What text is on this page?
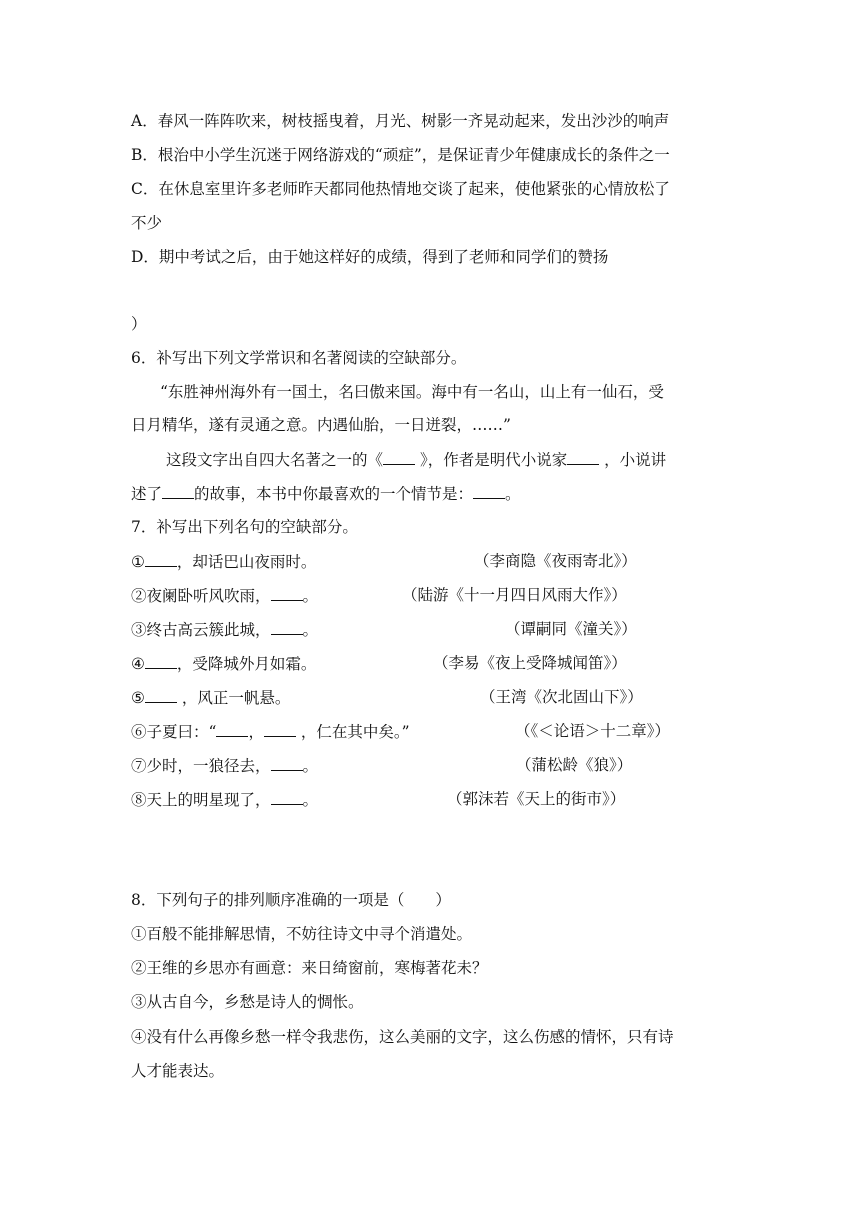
A．春风一阵阵吹来，树枝摇曳着，月光、树影一齐晃动起来，发出沙沙的响声
B．根治中小学生沉迷于网络游戏的“顽症”，是保证青少年健康成长的条件之一
C．在休息室里许多老师昨天都同他热情地交谈了起来，使他紧张的心情放松了
不少
D．期中考试之后，由于她这样好的成绩，得到了老师和同学们的赞扬
）
6．补写出下列文学常识和名著阅读的空缺部分。
“东胜神州海外有一国土，名曰傲来国。海中有一名山，山上有一仙石，受
日月精华，遂有灵通之意。内遇仙胎，一日迸裂，……”
这段文字出自四大名著之一的《 》，作者是明代小说家 ，小说讲
述了 的故事，本书中你最喜欢的一个情节是： 。
7．补写出下列名句的空缺部分。
① ，却话巴山夜雨时。	（李商隐《夜雨寄北》）
②夜阑卧听风吹雨， 。	（陆游《十一月四日风雨大作》）
③终古高云簇此城， 。	（谭嗣同《潼关》）
④ ，受降城外月如霜。	（李易《夜上受降城闻笛》）
⑤ ，风正一帆悬。	（王湾《次北固山下》）
⑥子夏曰：“ ， ，仁在其中矣。”	（《＜论语＞十二章》）
⑦少时，一狼径去， 。	（蒲松龄《狼》）
⑧天上的明星现了， 。	（郭沫若《天上的街市》）
8．下列句子的排列顺序准确的一项是（　　）
①百般不能排解思情，不妨往诗文中寻个消遣处。
②王维的乡思亦有画意：来日绮窗前，寒梅著花未？
③从古自今，乡愁是诗人的惆怅。
④没有什么再像乡愁一样令我悲伤，这么美丽的文字，这么伤感的情怀，只有诗
人才能表达。
